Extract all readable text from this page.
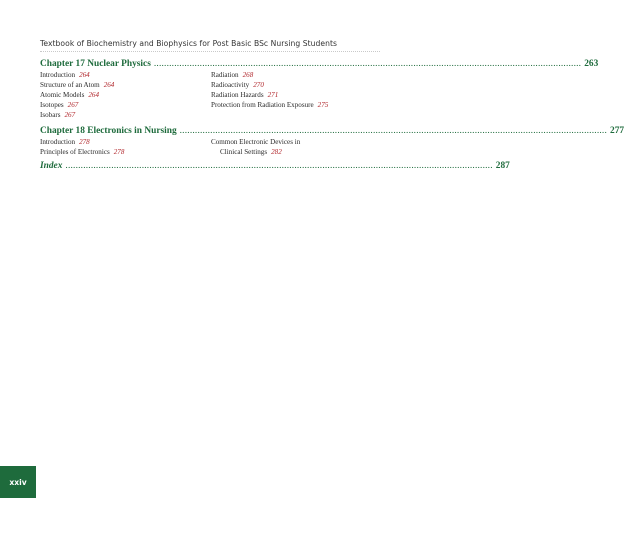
Textbook of Biochemistry and Biophysics for Post Basic BSc Nursing Students
Chapter 17 Nuclear Physics ........................................................................................................................................................................ 263
Introduction 264
Structure of an Atom 264
Atomic Models 264
Isotopes 267
Isobars 267
Radiation 268
Radioactivity 270
Radiation Hazards 271
Protection from Radiation Exposure 275
Chapter 18 Electronics in Nursing ........................................................................................................................................................................ 277
Introduction 278
Principles of Electronics 278
Common Electronic Devices in
Clinical Settings 282
Index ........................................................................................................................................................................ 287
xxiv
